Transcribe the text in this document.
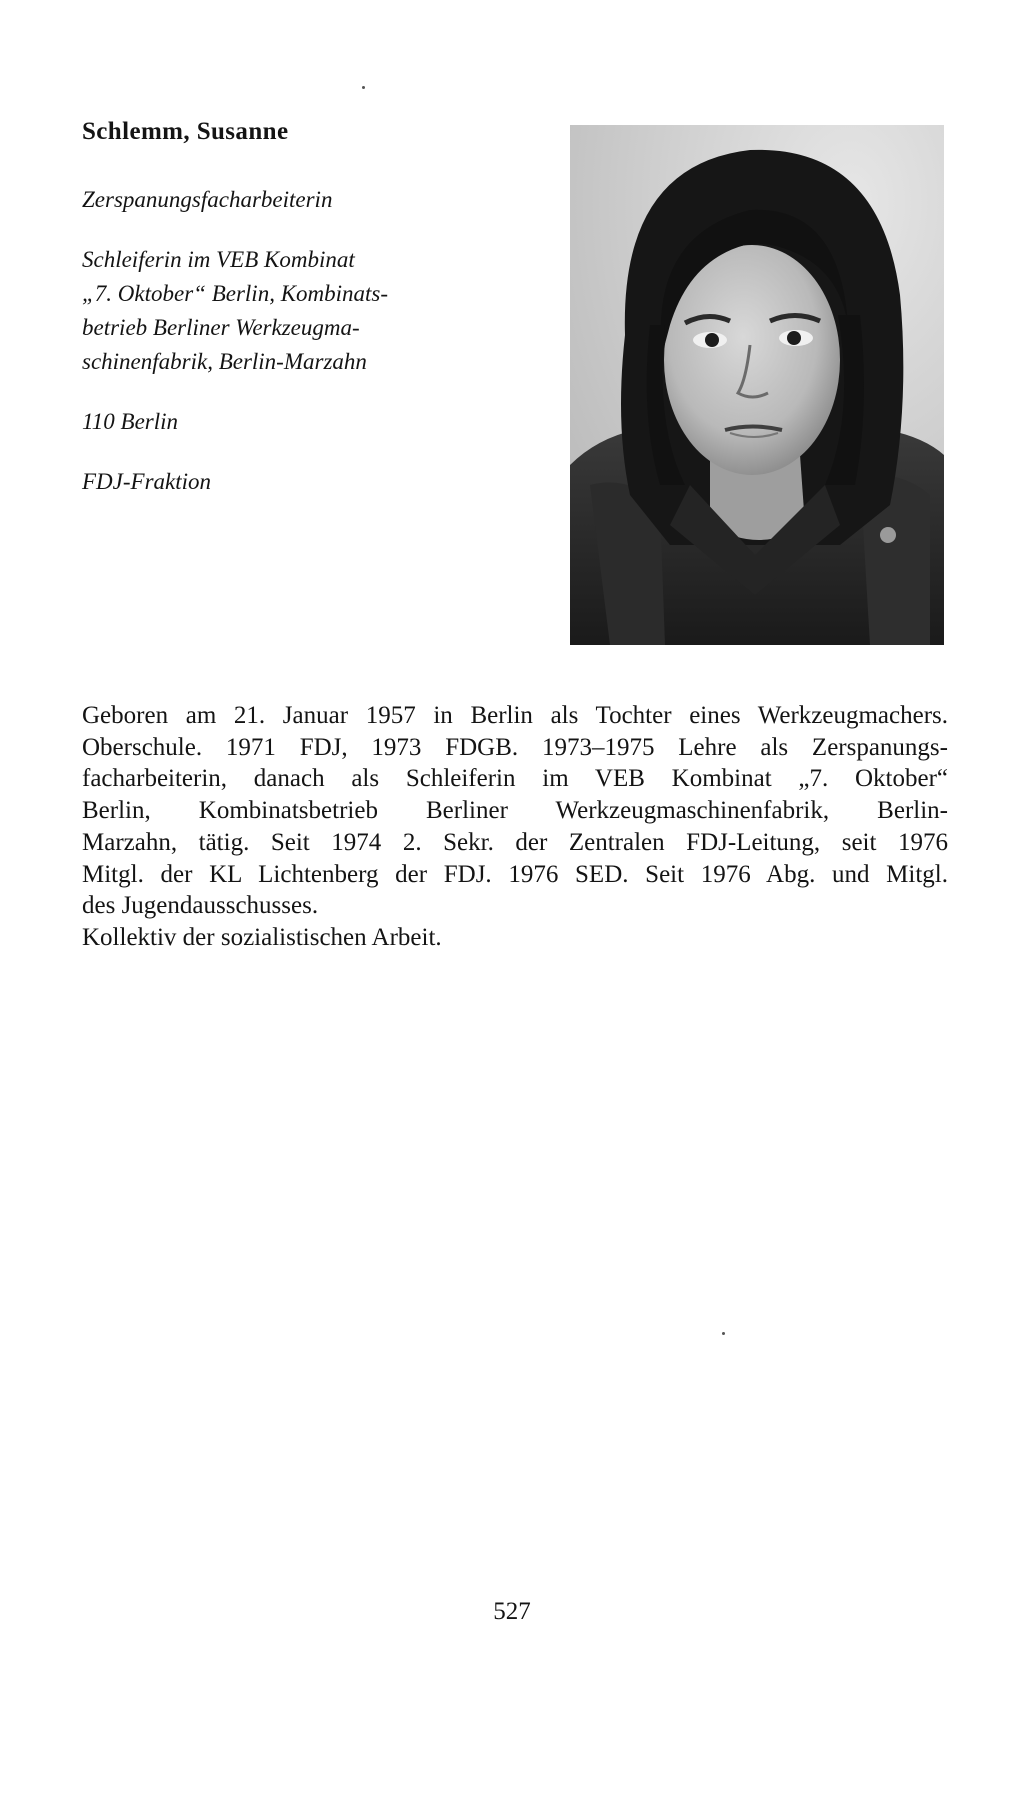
Schlemm, Susanne

Zerspanungsfacharbeiterin

Schleiferin im VEB Kombinat
„7. Oktober“ Berlin, Kombinats-
betrieb Berliner Werkzeugma-
schinenfabrik, Berlin-Marzahn

110 Berlin

FDJ-Fraktion

Geboren am 21. Januar 1957 in Berlin als Tochter eines Werkzeugmachers.
Oberschule. 1971 FDJ, 1973 FDGB. 1973–1975 Lehre als Zerspanungs-
facharbeiterin, danach als Schleiferin im VEB Kombinat „7. Oktober“
Berlin, Kombinatsbetrieb Berliner Werkzeugmaschinenfabrik, Berlin-
Marzahn, tätig. Seit 1974 2. Sekr. der Zentralen FDJ-Leitung, seit 1976
Mitgl. der KL Lichtenberg der FDJ. 1976 SED. Seit 1976 Abg. und Mitgl.
des Jugendausschusses.
Kollektiv der sozialistischen Arbeit.

527
